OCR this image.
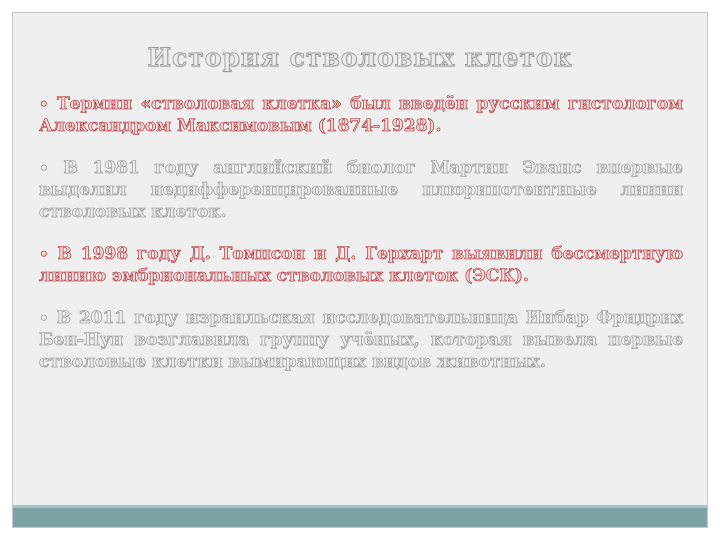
История стволовых клеток

• Термин «стволовая клетка» был введён русским гистологом Александром Максимовым (1874-1928).

• В 1981 году английский биолог Мартин Эванс впервые выделил недифференцированные плюрипотентные линии стволовых клеток.

• В 1998 году Д. Томпсон и Д. Герхарт выявили бессмертную линию эмбриональных стволовых клеток (ЭСК).

• В 2011 году израильская исследовательница Инбар Фридрих Бен-Нун возглавила группу учёных, которая вывела первые стволовые клетки вымирающих видов животных.
